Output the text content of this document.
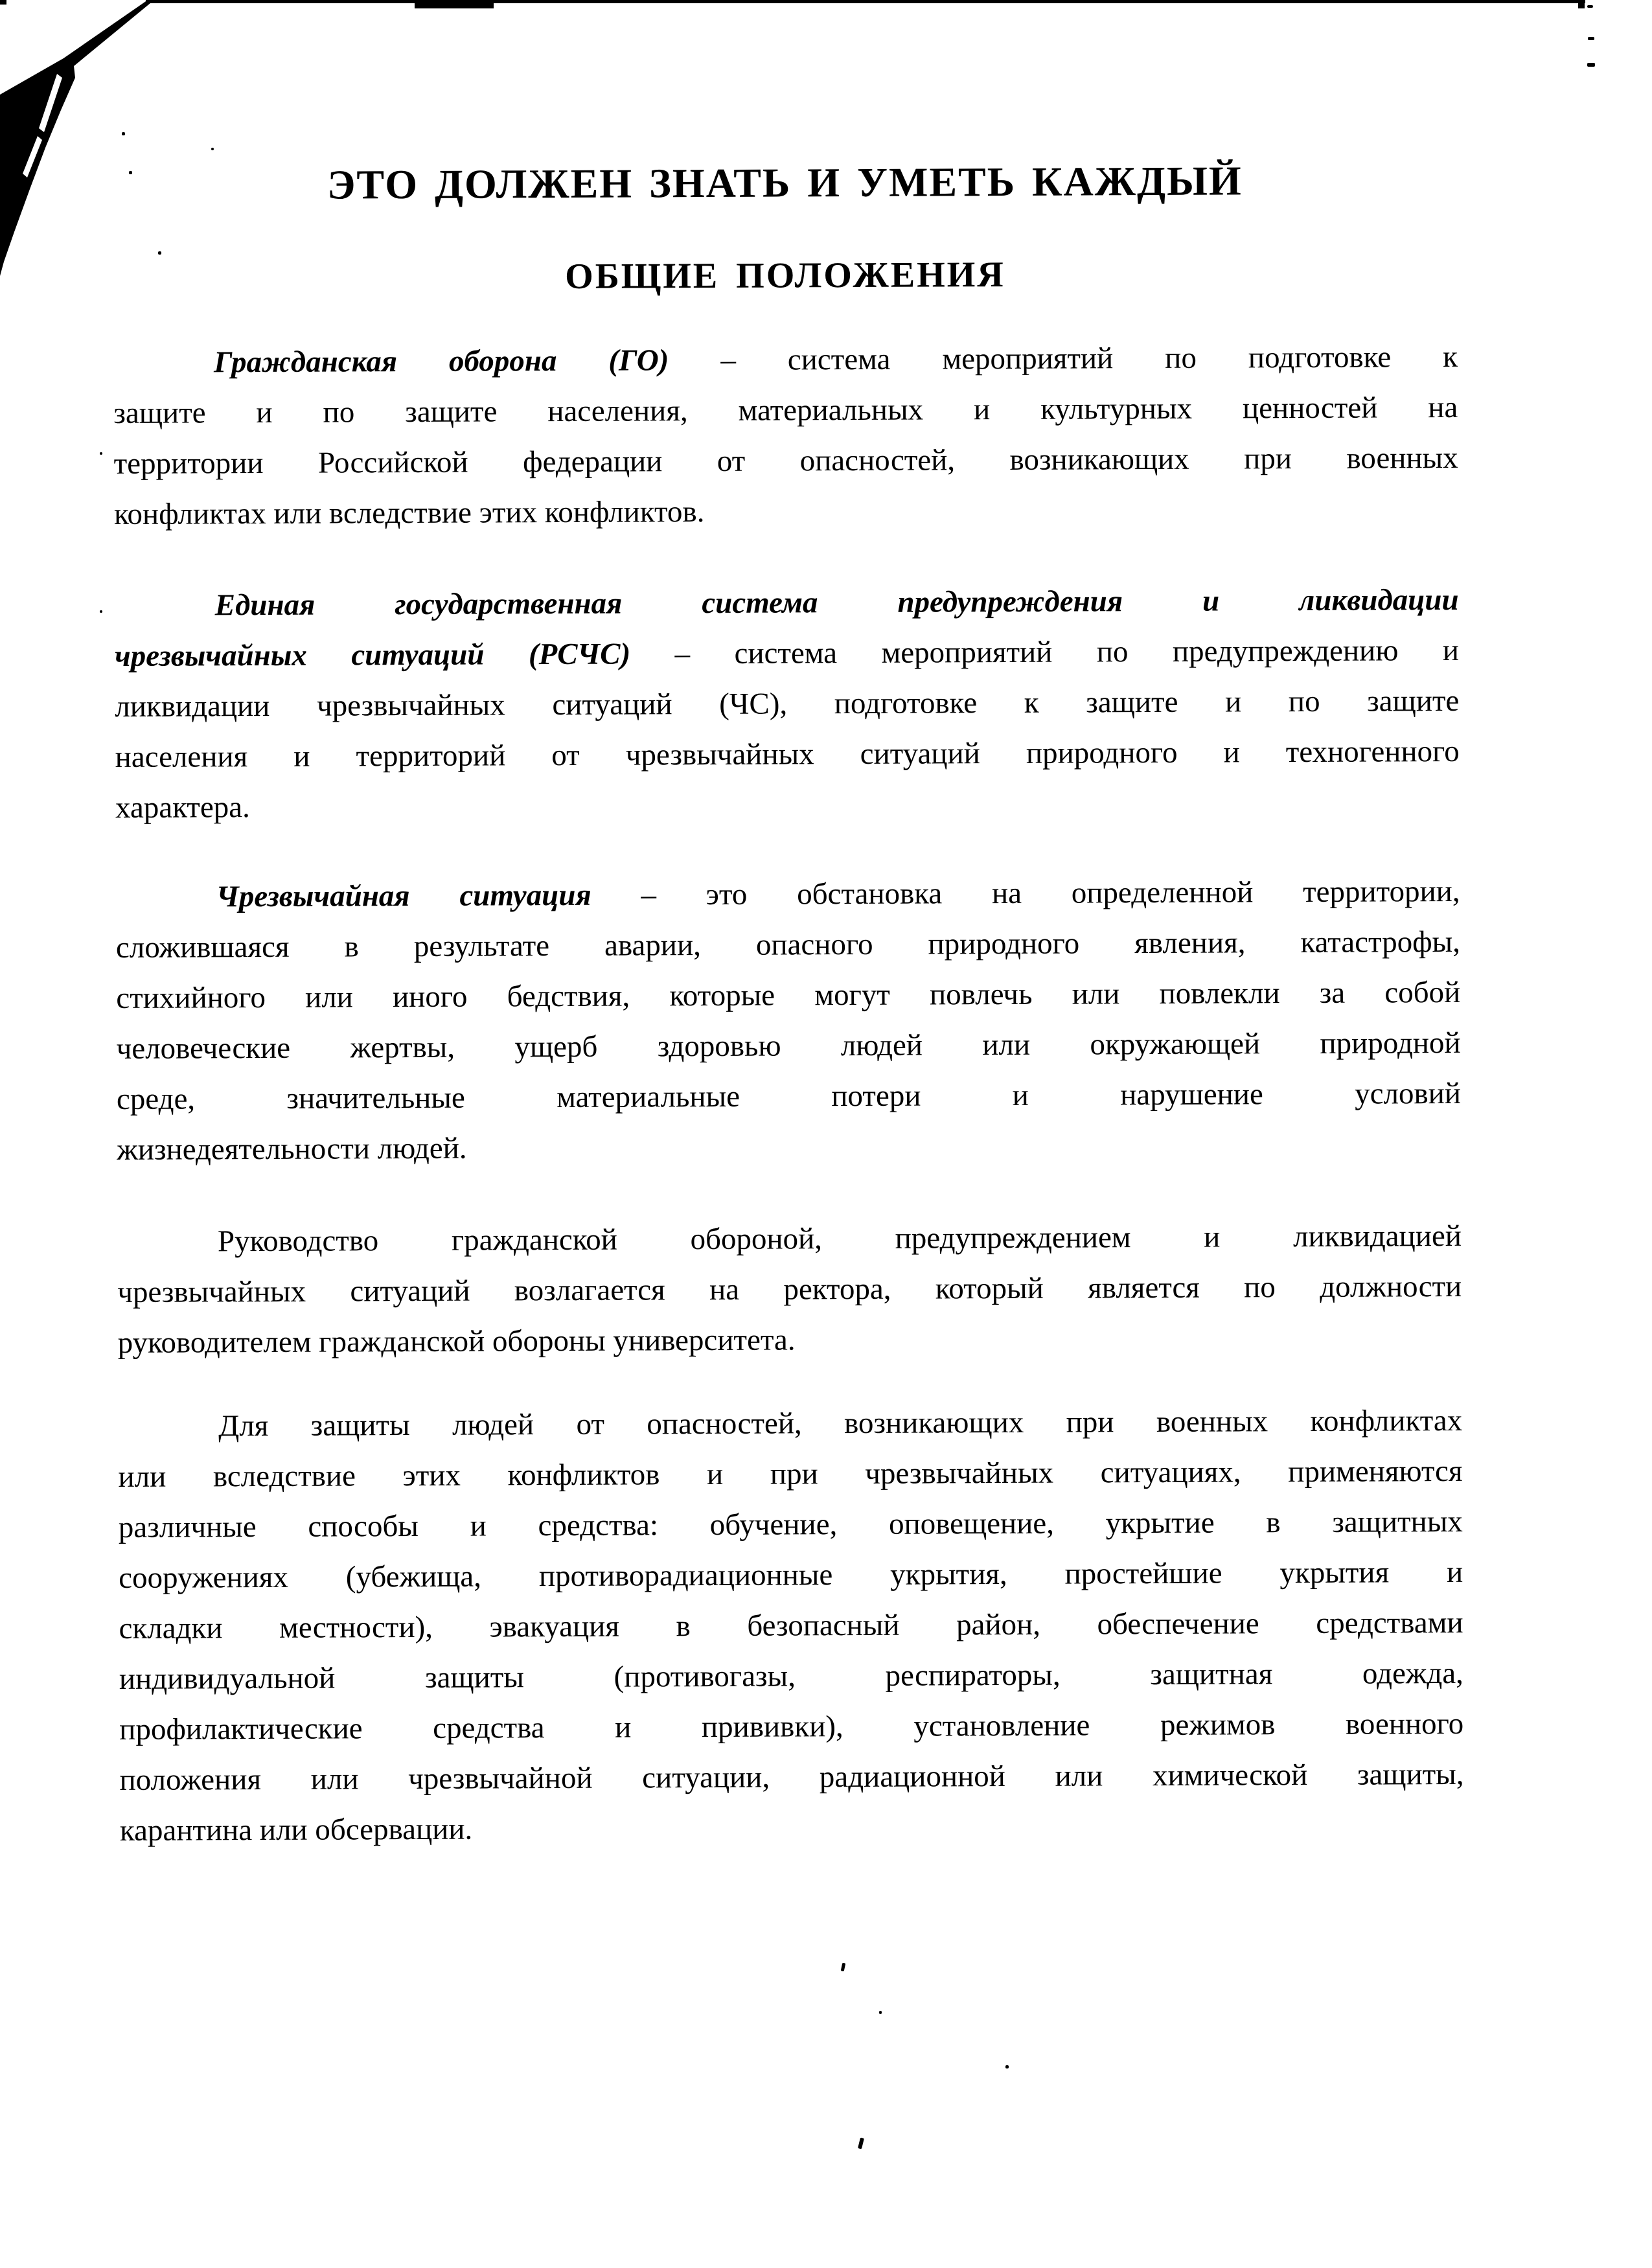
ЭТО ДОЛЖЕН ЗНАТЬ И УМЕТЬ КАЖДЫЙ
ОБЩИЕ ПОЛОЖЕНИЯ
Гражданская оборона (ГО) – система мероприятий по подготовке к
защите и по защите населения, материальных и культурных ценностей на
территории Российской федерации от опасностей, возникающих при военных
конфликтах или вследствие этих конфликтов.
Единая государственная система предупреждения и ликвидации
чрезвычайных ситуаций (РСЧС) – система мероприятий по предупреждению и
ликвидации чрезвычайных ситуаций (ЧС), подготовке к защите и по защите
населения и территорий от чрезвычайных ситуаций природного и техногенного
характера.
Чрезвычайная ситуация – это обстановка на определенной территории,
сложившаяся в результате аварии, опасного природного явления, катастрофы,
стихийного или иного бедствия, которые могут повлечь или повлекли за собой
человеческие жертвы, ущерб здоровью людей или окружающей природной
среде, значительные материальные потери и нарушение условий
жизнедеятельности людей.
Руководство гражданской обороной, предупреждением и ликвидацией
чрезвычайных ситуаций возлагается на ректора, который является по должности
руководителем гражданской обороны университета.
Для защиты людей от опасностей, возникающих при военных конфликтах
или вследствие этих конфликтов и при чрезвычайных ситуациях, применяются
различные способы и средства: обучение, оповещение, укрытие в защитных
сооружениях (убежища, противорадиационные укрытия, простейшие укрытия и
складки местности), эвакуация в безопасный район, обеспечение средствами
индивидуальной защиты (противогазы, респираторы, защитная одежда,
профилактические средства и прививки), установление режимов военного
положения или чрезвычайной ситуации, радиационной или химической защиты,
карантина или обсервации.
